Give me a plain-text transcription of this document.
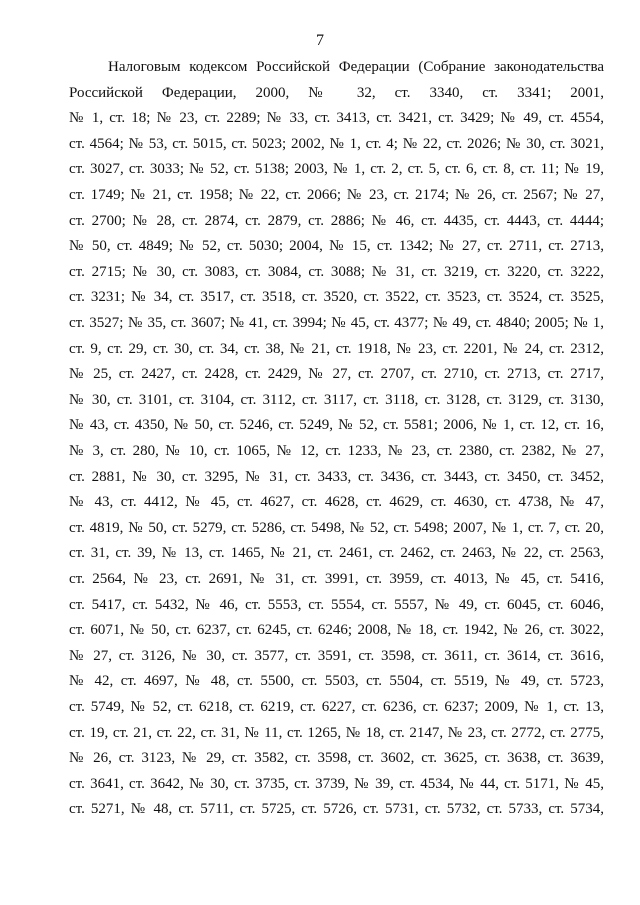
7
Налоговым кодексом Российской Федерации (Собрание законодательства
Российской Федерации, 2000, № 32, ст. 3340, ст. 3341; 2001,
№ 1, ст. 18; № 23, ст. 2289; № 33, ст. 3413, ст. 3421, ст. 3429; № 49, ст. 4554,
ст. 4564; № 53, ст. 5015, ст. 5023; 2002, № 1, ст. 4; № 22, ст. 2026; № 30, ст. 3021,
ст. 3027, ст. 3033; № 52, ст. 5138; 2003, № 1, ст. 2, ст. 5, ст. 6, ст. 8, ст. 11; № 19,
ст. 1749; № 21, ст. 1958; № 22, ст. 2066; № 23, ст. 2174; № 26, ст. 2567; № 27,
ст. 2700; № 28, ст. 2874, ст. 2879, ст. 2886; № 46, ст. 4435, ст. 4443, ст. 4444;
№ 50, ст. 4849; № 52, ст. 5030; 2004, № 15, ст. 1342; № 27, ст. 2711, ст. 2713,
ст. 2715; № 30, ст. 3083, ст. 3084, ст. 3088; № 31, ст. 3219, ст. 3220, ст. 3222,
ст. 3231; № 34, ст. 3517, ст. 3518, ст. 3520, ст. 3522, ст. 3523, ст. 3524, ст. 3525,
ст. 3527; № 35, ст. 3607; № 41, ст. 3994; № 45, ст. 4377; № 49, ст. 4840; 2005; № 1,
ст. 9, ст. 29, ст. 30, ст. 34, ст. 38, № 21, ст. 1918, № 23, ст. 2201, № 24, ст. 2312,
№ 25, ст. 2427, ст. 2428, ст. 2429, № 27, ст. 2707, ст. 2710, ст. 2713, ст. 2717,
№ 30, ст. 3101, ст. 3104, ст. 3112, ст. 3117, ст. 3118, ст. 3128, ст. 3129, ст. 3130,
№ 43, ст. 4350, № 50, ст. 5246, ст. 5249, № 52, ст. 5581; 2006, № 1, ст. 12, ст. 16,
№ 3, ст. 280, № 10, ст. 1065, № 12, ст. 1233, № 23, ст. 2380, ст. 2382, № 27,
ст. 2881, № 30, ст. 3295, № 31, ст. 3433, ст. 3436, ст. 3443, ст. 3450, ст. 3452,
№ 43, ст. 4412, № 45, ст. 4627, ст. 4628, ст. 4629, ст. 4630, ст. 4738, № 47,
ст. 4819, № 50, ст. 5279, ст. 5286, ст. 5498, № 52, ст. 5498; 2007, № 1, ст. 7, ст. 20,
ст. 31, ст. 39, № 13, ст. 1465, № 21, ст. 2461, ст. 2462, ст. 2463, № 22, ст. 2563,
ст. 2564, № 23, ст. 2691, № 31, ст. 3991, ст. 3959, ст. 4013, № 45, ст. 5416,
ст. 5417, ст. 5432, № 46, ст. 5553, ст. 5554, ст. 5557, № 49, ст. 6045, ст. 6046,
ст. 6071, № 50, ст. 6237, ст. 6245, ст. 6246; 2008, № 18, ст. 1942, № 26, ст. 3022,
№ 27, ст. 3126, № 30, ст. 3577, ст. 3591, ст. 3598, ст. 3611, ст. 3614, ст. 3616,
№ 42, ст. 4697, № 48, ст. 5500, ст. 5503, ст. 5504, ст. 5519, № 49, ст. 5723,
ст. 5749, № 52, ст. 6218, ст. 6219, ст. 6227, ст. 6236, ст. 6237; 2009, № 1, ст. 13,
ст. 19, ст. 21, ст. 22, ст. 31, № 11, ст. 1265, № 18, ст. 2147, № 23, ст. 2772, ст. 2775,
№ 26, ст. 3123, № 29, ст. 3582, ст. 3598, ст. 3602, ст. 3625, ст. 3638, ст. 3639,
ст. 3641, ст. 3642, № 30, ст. 3735, ст. 3739, № 39, ст. 4534, № 44, ст. 5171, № 45,
ст. 5271, № 48, ст. 5711, ст. 5725, ст. 5726, ст. 5731, ст. 5732, ст. 5733, ст. 5734,
